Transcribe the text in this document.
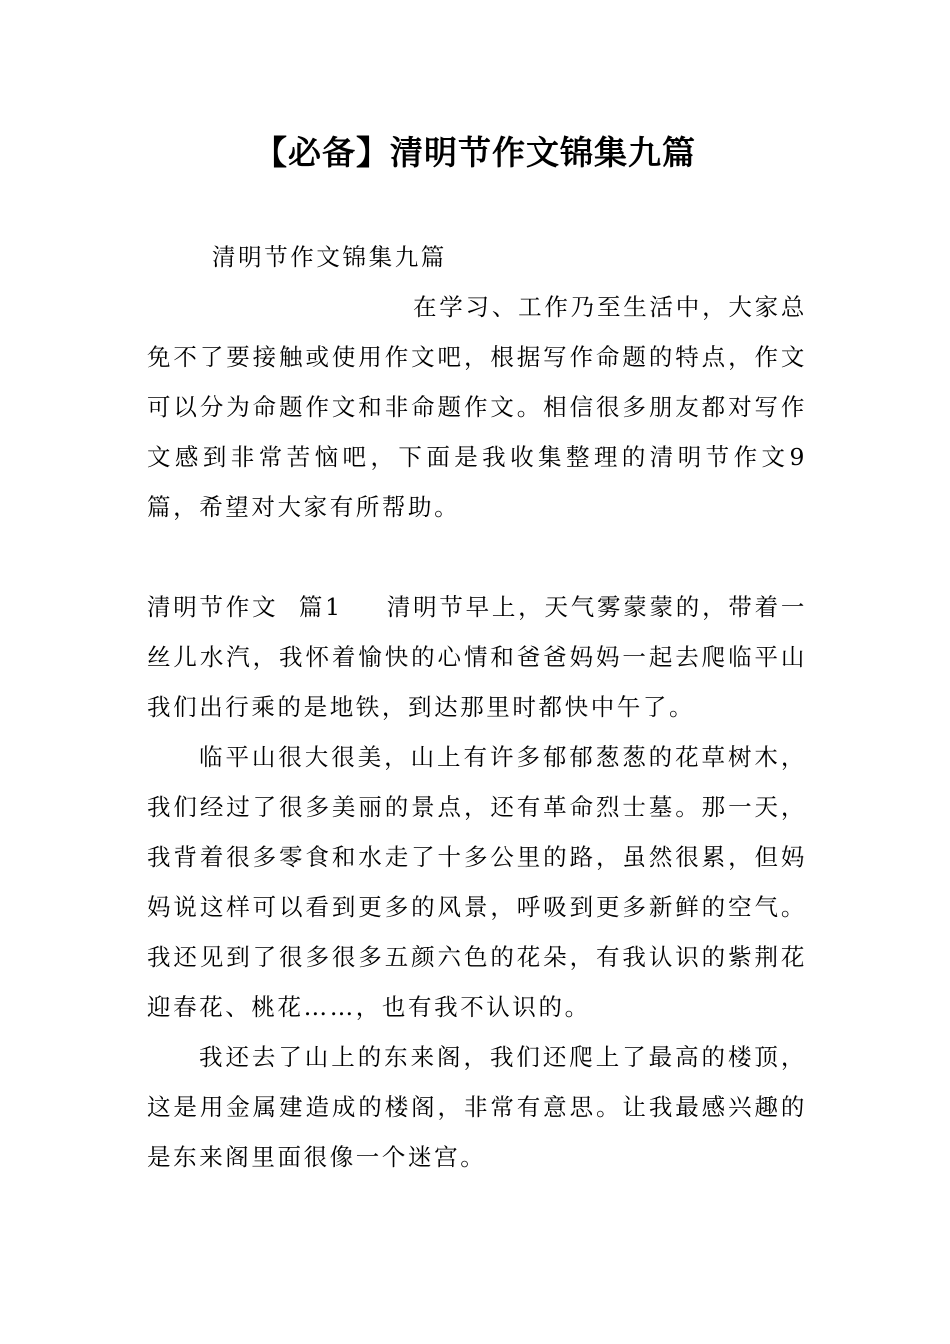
【必备】清明节作文锦集九篇

清明节作文锦集九篇

在学习、工作乃至生活中，大家总免不了要接触或使用作文吧，根据写作命题的特点，作文可以分为命题作文和非命题作文。相信很多朋友都对写作文感到非常苦恼吧，下面是我收集整理的清明节作文9篇，希望对大家有所帮助。

清明节作文  篇1 清明节早上，天气雾蒙蒙的，带着一丝儿水汽，我怀着愉快的心情和爸爸妈妈一起去爬临平山我们出行乘的是地铁，到达那里时都快中午了。

临平山很大很美，山上有许多郁郁葱葱的花草树木，我们经过了很多美丽的景点，还有革命烈士墓。那一天，我背着很多零食和水走了十多公里的路，虽然很累，但妈妈说这样可以看到更多的风景，呼吸到更多新鲜的空气。我还见到了很多很多五颜六色的花朵，有我认识的紫荆花迎春花、桃花……，也有我不认识的。

我还去了山上的东来阁，我们还爬上了最高的楼顶，这是用金属建造成的楼阁，非常有意思。让我最感兴趣的是东来阁里面很像一个迷宫。
